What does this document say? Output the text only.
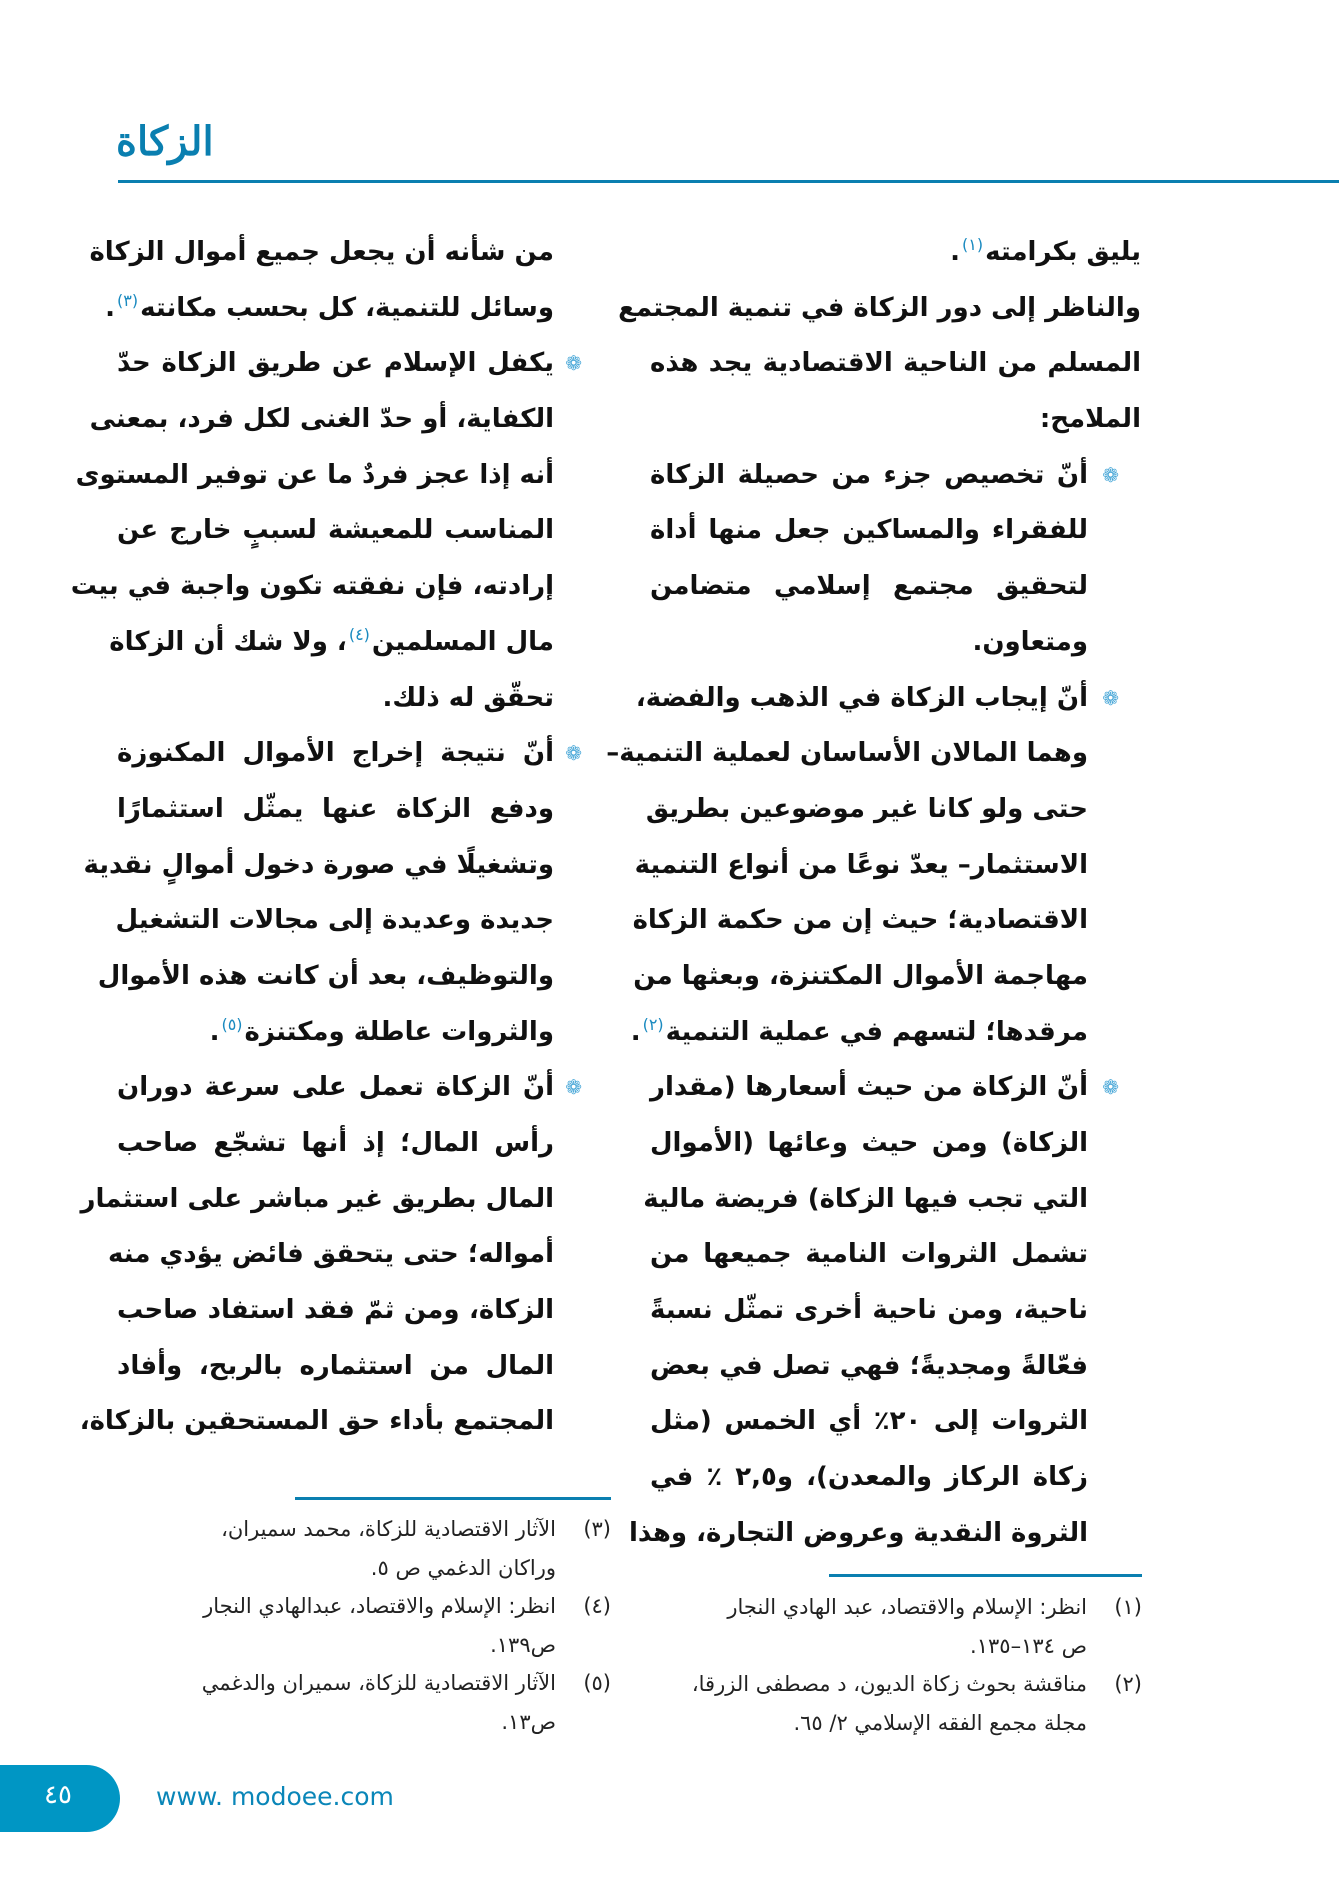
الزكاة
يليق بكرامته$^{(١)}$.
والناظر إلى دور الزكاة في تنمية المجتمع
المسلم من الناحية الاقتصادية يجد هذه
الملامح:
❁
أنّ تخصيص جزء من حصيلة الزكاة
للفقراء والمساكين جعل منها أداة
لتحقيق مجتمع إسلامي متضامن
ومتعاون.
❁
أنّ إيجاب الزكاة في الذهب والفضة،
وهما المالان الأساسان لعملية التنمية–
حتى ولو كانا غير موضوعين بطريق
الاستثمار– يعدّ نوعًا من أنواع التنمية
الاقتصادية؛ حيث إن من حكمة الزكاة
مهاجمة الأموال المكتنزة، وبعثها من
مرقدها؛ لتسهم في عملية التنمية$^{(٢)}$.
❁
أنّ الزكاة من حيث أسعارها (مقدار
الزكاة) ومن حيث وعائها (الأموال
التي تجب فيها الزكاة) فريضة مالية
تشمل الثروات النامية جميعها من
ناحية، ومن ناحية أخرى تمثّل نسبةً
فعّالةً ومجديةً؛ فهي تصل في بعض
الثروات إلى ٢٠٪ أي الخمس (مثل
زكاة الركاز والمعدن)، و٢,٥ ٪ في
الثروة النقدية وعروض التجارة، وهذا
من شأنه أن يجعل جميع أموال الزكاة
وسائل للتنمية، كل بحسب مكانته$^{(٣)}$.
❁
يكفل الإسلام عن طريق الزكاة حدّ
الكفاية، أو حدّ الغنى لكل فرد، بمعنى
أنه إذا عجز فردٌ ما عن توفير المستوى
المناسب للمعيشة لسببٍ خارج عن
إرادته، فإن نفقته تكون واجبة في بيت
مال المسلمين$^{(٤)}$، ولا شك أن الزكاة
تحقّق له ذلك.
❁
أنّ نتيجة إخراج الأموال المكنوزة
ودفع الزكاة عنها يمثّل استثمارًا
وتشغيلًا في صورة دخول أموالٍ نقدية
جديدة وعديدة إلى مجالات التشغيل
والتوظيف، بعد أن كانت هذه الأموال
والثروات عاطلة ومكتنزة$^{(٥)}$.
❁
أنّ الزكاة تعمل على سرعة دوران
رأس المال؛ إذ أنها تشجّع صاحب
المال بطريق غير مباشر على استثمار
أمواله؛ حتى يتحقق فائض يؤدي منه
الزكاة، ومن ثمّ فقد استفاد صاحب
المال من استثماره بالربح، وأفاد
المجتمع بأداء حق المستحقين بالزكاة،
(١)
انظر: الإسلام والاقتصاد، عبد الهادي النجار
ص ١٣٤–١٣٥.
(٢)
مناقشة بحوث زكاة الديون، د مصطفى الزرقا،
مجلة مجمع الفقه الإسلامي ٢/ ٦٥.
(٣)
الآثار الاقتصادية للزكاة، محمد سميران،
وراكان الدغمي ص ٥.
(٤)
انظر: الإسلام والاقتصاد، عبدالهادي النجار
ص١٣٩.
(٥)
الآثار الاقتصادية للزكاة، سميران والدغمي
ص١٣.
٤٥	www. modoee.com
